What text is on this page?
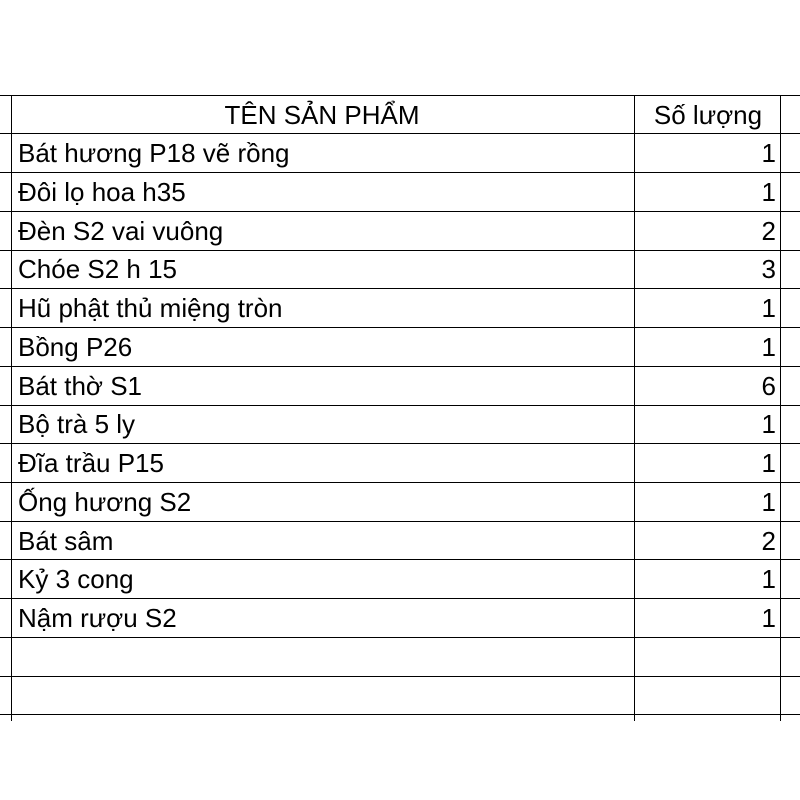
TÊN SẢN PHẨM	Số lượng
Bát hương P18 vẽ rồng	1
Đôi lọ hoa h35	1
Đèn S2 vai vuông	2
Chóe S2 h 15	3
Hũ phật thủ miệng tròn	1
Bồng P26	1
Bát thờ S1	6
Bộ trà 5 ly	1
Đĩa trầu P15	1
Ống hương S2	1
Bát sâm	2
Kỷ 3 cong	1
Nậm rượu S2	1
